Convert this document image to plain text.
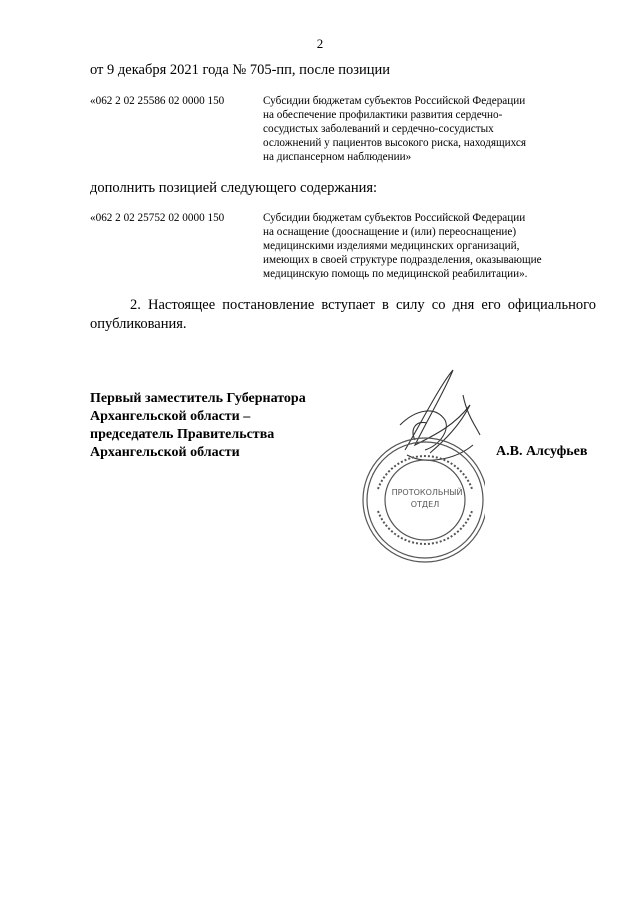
2
от 9 декабря 2021 года № 705-пп, после позиции
«062 2 02 25586 02 0000 150	Субсидии бюджетам субъектов Российской Федерации
на обеспечение профилактики развития сердечно-
сосудистых заболеваний и сердечно-сосудистых
осложнений у пациентов высокого риска, находящихся
на диспансерном наблюдении»
дополнить позицией следующего содержания:
«062 2 02 25752 02 0000 150	Субсидии бюджетам субъектов Российской Федерации
на оснащение (дооснащение и (или) переоснащение)
медицинскими изделиями медицинских организаций,
имеющих в своей структуре подразделения, оказывающие
медицинскую помощь по медицинской реабилитации».
2. Настоящее постановление вступает в силу со дня его официального опубликования.
Первый заместитель Губернатора
Архангельской области –
председатель Правительства
Архангельской области
ПРОТОКОЛЬНЫЙ
ОТДЕЛ
А.В. Алсуфьев
